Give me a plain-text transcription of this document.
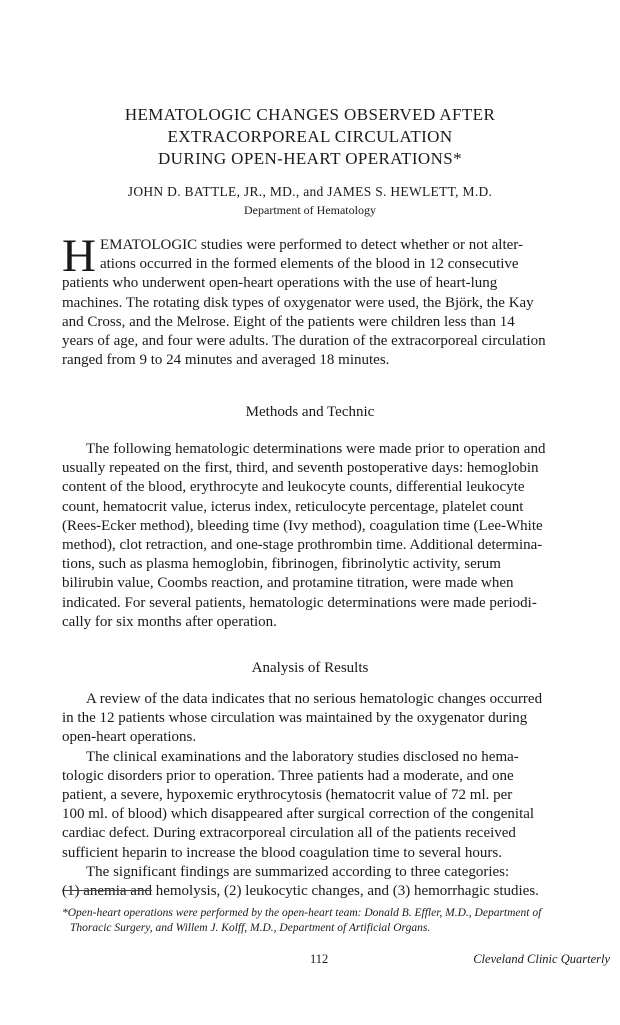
HEMATOLOGIC CHANGES OBSERVED AFTER
EXTRACORPOREAL CIRCULATION
DURING OPEN-HEART OPERATIONS*
JOHN D. BATTLE, JR., MD., and JAMES S. HEWLETT, M.D.
Department of Hematology
H EMATOLOGIC studies were performed to detect whether or not alter-
ations occurred in the formed elements of the blood in 12 consecutive
patients who underwent open-heart operations with the use of heart-lung
machines. The rotating disk types of oxygenator were used, the Björk, the Kay
and Cross, and the Melrose. Eight of the patients were children less than 14
years of age, and four were adults. The duration of the extracorporeal circulation
ranged from 9 to 24 minutes and averaged 18 minutes.
Methods and Technic
The following hematologic determinations were made prior to operation and
usually repeated on the first, third, and seventh postoperative days: hemoglobin
content of the blood, erythrocyte and leukocyte counts, differential leukocyte
count, hematocrit value, icterus index, reticulocyte percentage, platelet count
(Rees-Ecker method), bleeding time (Ivy method), coagulation time (Lee-White
method), clot retraction, and one-stage prothrombin time. Additional determina-
tions, such as plasma hemoglobin, fibrinogen, fibrinolytic activity, serum
bilirubin value, Coombs reaction, and protamine titration, were made when
indicated. For several patients, hematologic determinations were made periodi-
cally for six months after operation.
Analysis of Results
A review of the data indicates that no serious hematologic changes occurred
in the 12 patients whose circulation was maintained by the oxygenator during
open-heart operations.
The clinical examinations and the laboratory studies disclosed no hema-
tologic disorders prior to operation. Three patients had a moderate, and one
patient, a severe, hypoxemic erythrocytosis (hematocrit value of 72 ml. per
100 ml. of blood) which disappeared after surgical correction of the congenital
cardiac defect. During extracorporeal circulation all of the patients received
sufficient heparin to increase the blood coagulation time to several hours.
The significant findings are summarized according to three categories:
(1) anemia and hemolysis, (2) leukocytic changes, and (3) hemorrhagic studies.
*Open-heart operations were performed by the open-heart team: Donald B. Effler, M.D., Department of
Thoracic Surgery, and Willem J. Kolff, M.D., Department of Artificial Organs.
112	Cleveland Clinic Quarterly
